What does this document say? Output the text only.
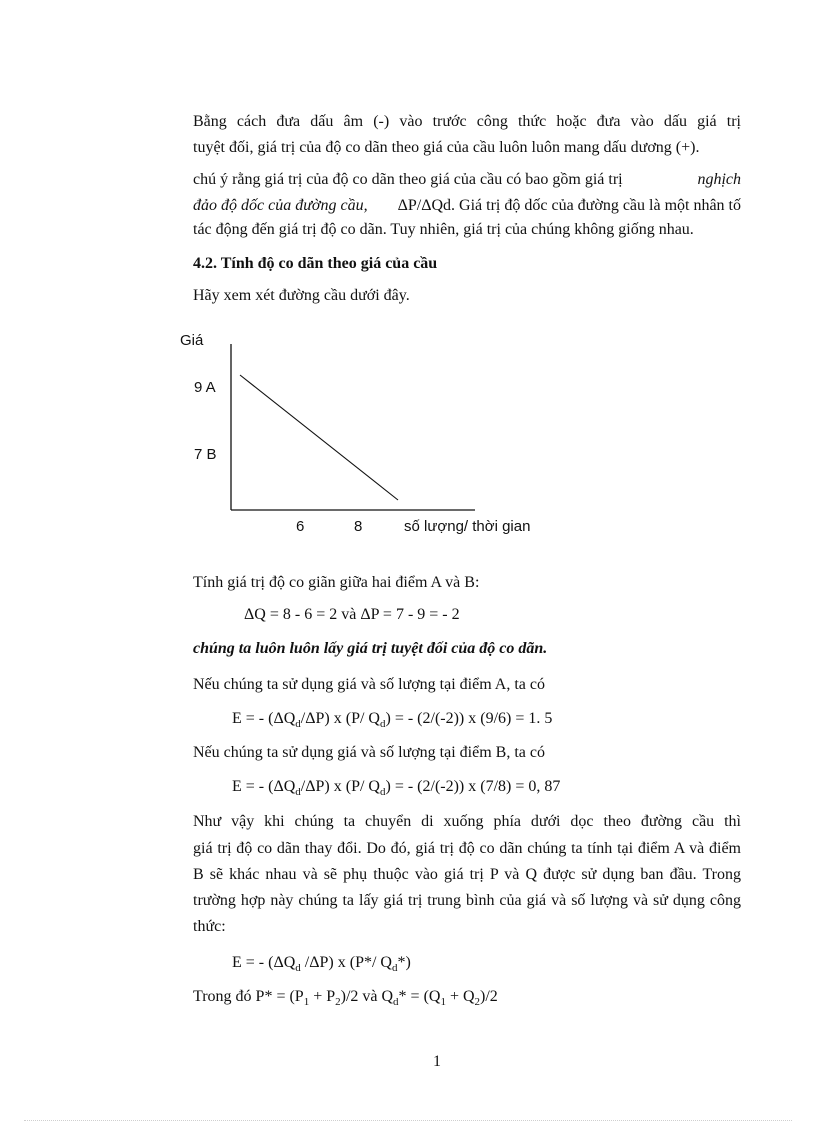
Bằng cách đưa dấu âm (-) vào trước công thức hoặc đưa vào dấu giá trị
tuyệt đối, giá trị của độ co dãn theo giá của cầu luôn luôn mang dấu dương (+).
chú ý rằng giá trị của độ co dãn theo giá của cầu có bao gồm giá trị	nghịch
đảo độ dốc của đường cầu, ΔP/ΔQd. Giá trị độ dốc của đường cầu là một nhân tố
tác động đến giá trị độ co dãn. Tuy nhiên, giá trị của chúng không giống nhau.
4.2. Tính độ co dãn theo giá của cầu
Hãy xem xét đường cầu dưới đây.
Giá
9 A
7 B
6	8	số lượng/ thời gian
Tính giá trị độ co giãn giữa hai điểm A và B:
ΔQ = 8 - 6 = 2 và ΔP = 7 - 9 = - 2
chúng ta luôn luôn lấy giá trị tuyệt đối của độ co dãn.
Nếu chúng ta sử dụng giá và số lượng tại điểm A, ta có
E = - $(\Delta Q_d/\Delta P)$ x (P/ $Q_d$) = - (2/(-2)) x (9/6) = 1. 5
Nếu chúng ta sử dụng giá và số lượng tại điểm B, ta có
E = - $(\Delta Q_d/\Delta P)$ x (P/ $Q_d$) = - (2/(-2)) x (7/8) = 0, 87
Như vậy khi chúng ta chuyển di xuống phía dưới dọc theo đường cầu thì
giá trị độ co dãn thay đổi. Do đó, giá trị độ co dãn chúng ta tính tại điểm A và điểm
B sẽ khác nhau và sẽ phụ thuộc vào giá trị P và Q được sử dụng ban đầu. Trong
trường hợp này chúng ta lấy giá trị trung bình của giá và số lượng và sử dụng công
thức:
E = - ($\Delta Q_d$ /ΔP) x (P*/ $Q_d*$)
Trong đó $P* = (P_1 + P_2)/2$ và $Q_d* = (Q_1 + Q_2)/2$
1
